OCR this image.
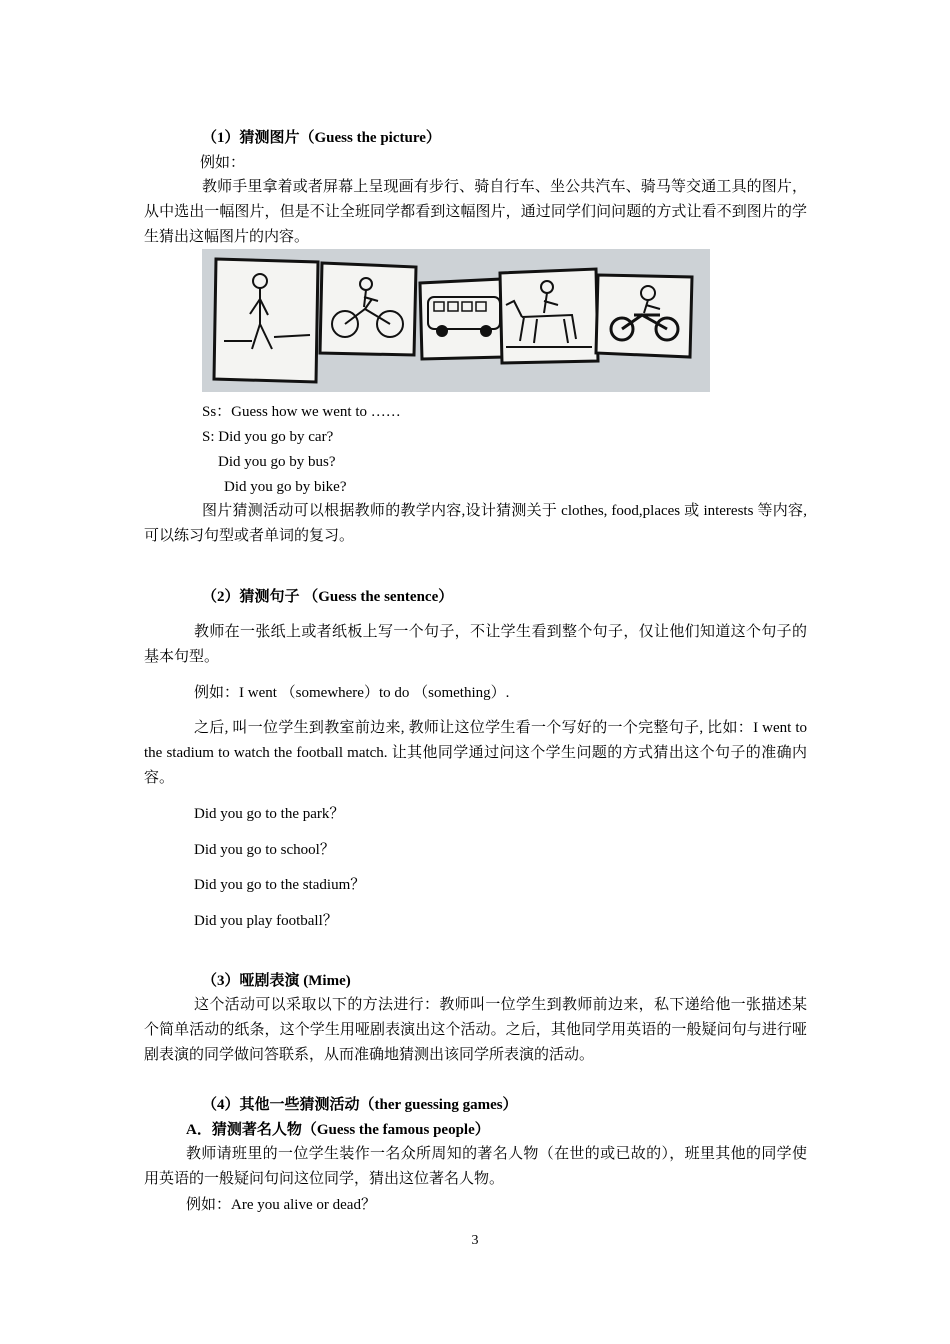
（1）猜测图片（Guess the picture）
例如：
教师手里拿着或者屏幕上呈现画有步行、骑自行车、坐公共汽车、骑马等交通工具的图片，从中选出一幅图片，但是不让全班同学都看到这幅图片，通过同学们问问题的方式让看不到图片的学生猜出这幅图片的内容。
Ss：Guess how we went to ……
S: Did you go by car?
Did you go by bus?
Did you go by bike?
图片猜测活动可以根据教师的教学内容,设计猜测关于 clothes, food,places 或 interests 等内容,可以练习句型或者单词的复习。
（2）猜测句子 （Guess the sentence）
教师在一张纸上或者纸板上写一个句子，不让学生看到整个句子，仅让他们知道这个句子的基本句型。
例如：I went （somewhere）to do （something）.
之后, 叫一位学生到教室前边来, 教师让这位学生看一个写好的一个完整句子, 比如：I went to the stadium to watch the football match. 让其他同学通过问这个学生问题的方式猜出这个句子的准确内容。
Did you go to the park？
Did you go to school？
Did you go to the stadium？
Did you play football？
（3）哑剧表演 (Mime)
这个活动可以采取以下的方法进行：教师叫一位学生到教师前边来，私下递给他一张描述某个简单活动的纸条，这个学生用哑剧表演出这个活动。之后，其他同学用英语的一般疑问句与进行哑剧表演的同学做问答联系，从而准确地猜测出该同学所表演的活动。
（4）其他一些猜测活动（ther guessing games）
A．猜测著名人物（Guess the famous people）
教师请班里的一位学生装作一名众所周知的著名人物（在世的或已故的），班里其他的同学使用英语的一般疑问句问这位同学，猜出这位著名人物。
例如：Are you alive or dead？
3
